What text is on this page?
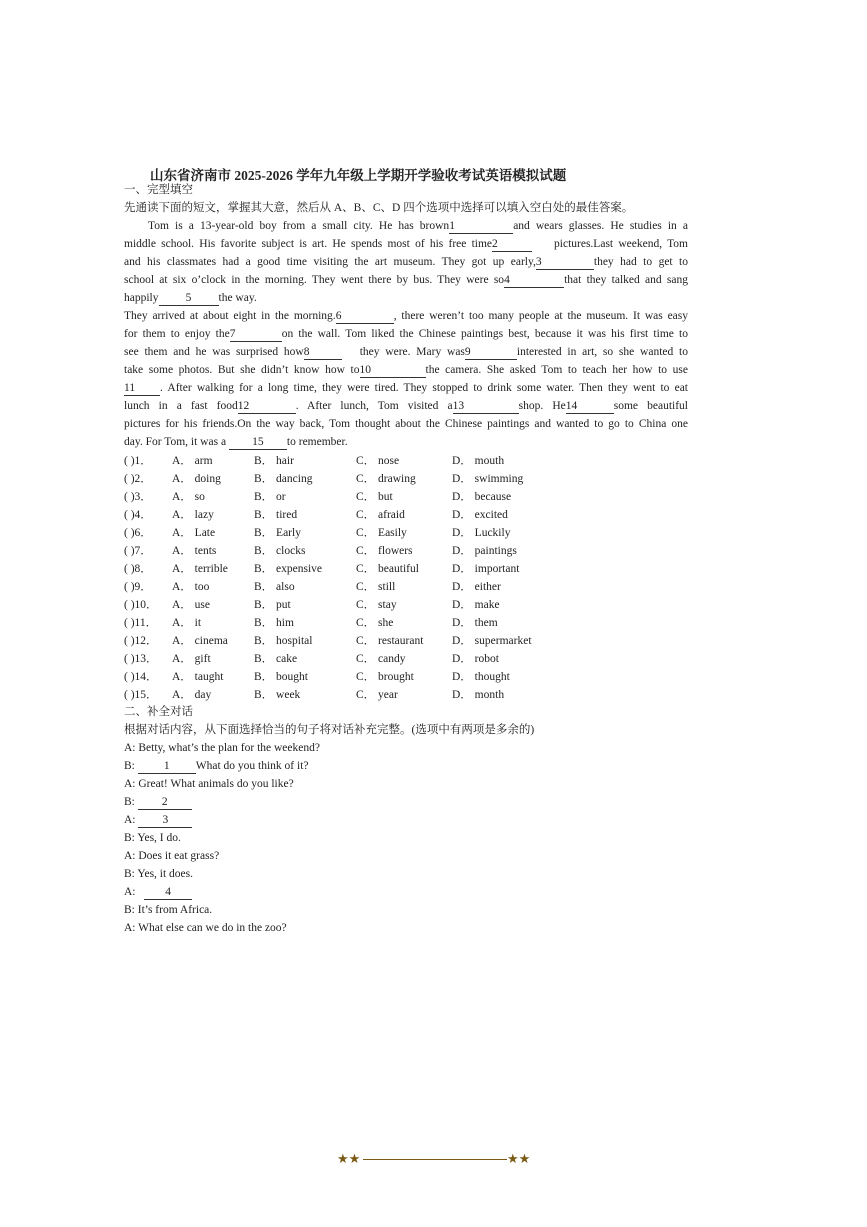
山东省济南市 2025-2026 学年九年级上学期开学验收考试英语模拟试题
一、完型填空
先通读下面的短文，掌握其大意，然后从 A、B、C、D 四个选项中选择可以填入空白处的最佳答案。
Tom is a 13-year-old boy from a small city. He has brown1	and wears glasses. He studies in a
middle school. His favorite subject is art. He spends most of his free time2	pictures.Last weekend, Tom
and his classmates had a good time visiting the art museum. They got up early,3	they had to get to
school at six o’clock in the morning. They went there by bus. They were so4	that they talked and sang
happily 5 the way.
They arrived at about eight in the morning.6	, there weren’t too many people at the museum. It was easy
for them to enjoy the7	on the wall. Tom liked the Chinese paintings best, because it was his first time to
see them and he was surprised how8	they were. Mary was9	interested in art, so she wanted to
take some photos. But she didn’t know how to10	the camera. She asked Tom to teach her how to use
11 . After walking for a long time, they were tired. They stopped to drink some water. Then they went to eat
lunch in a fast food12	. After lunch, Tom visited a13	shop. He14	some beautiful
pictures for his friends.On the way back, Tom thought about the Chinese paintings and wanted to go to China one
day. For Tom, it was a 15 to remember.
( )1． A． arm	B． hair	C． nose	D． mouth
( )2． A． doing	B． dancing	C． drawing	D． swimming
( )3． A． so	B． or	C． but	D． because
( )4． A． lazy	B． tired	C． afraid	D． excited
( )6． A． Late	B． Early	C． Easily	D． Luckily
( )7． A． tents	B． clocks	C． flowers	D． paintings
( )8． A． terrible B． expensive	C． beautiful	D． important
( )9． A． too	B． also	C． still	D． either
( )10． A． use	B． put	C． stay	D． make
( )11． A． it	B． him	C． she	D． them
( )12． A． cinema B． hospital	C． restaurant D． supermarket
( )13． A． gift	B． cake	C． candy	D． robot
( )14． A． taught	B． bought	C． brought	D． thought
( )15． A． day	B． week	C． year	D． month
二、补全对话
根据对话内容，从下面选择恰当的句子将对话补充完整。(选项中有两项是多余的)
A: Betty, what’s the plan for the weekend?
B:	1 What do you think of it?
A: Great! What animals do you like?
B: 2
A: 3
B: Yes, I do.
A: Does it eat grass?
B: Yes, it does.
A:	4
B: It’s from Africa.
A: What else can we do in the zoo?
★★	★★
